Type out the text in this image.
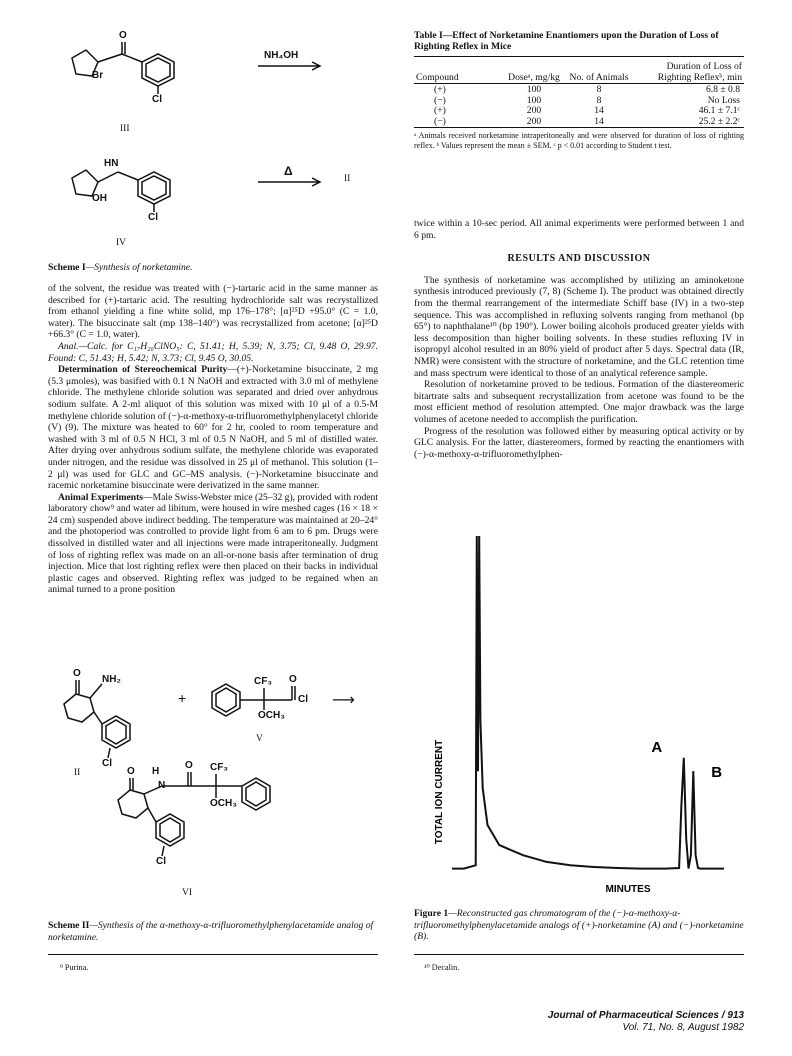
O
Br
Cl
NH₄OH
III
HN
OH
Cl
Δ
II
IV
Scheme I—Synthesis of norketamine.

of the solvent, the residue was treated with (−)-tartaric acid in the same manner as described for (+)-tartaric acid. The resulting hydrochloride salt was recrystallized from ethanol yielding a fine white solid, mp 176–178°; [α]²⁵D +95.0° (C = 1.0, water). The bisuccinate salt (mp 138–140°) was recrystallized from acetone; [α]²⁵D +66.3° (C = 1.0, water).

Anal.—Calc. for C₁₇H₂₀ClNO₅: C, 51.41; H, 5.39; N, 3.75; Cl, 9.48 O, 29.97. Found: C, 51.43; H, 5.42; N, 3.73; Cl, 9.45 O, 30.05.

Determination of Stereochemical Purity—(+)-Norketamine bisuccinate, 2 mg (5.3 μmoles), was basified with 0.1 N NaOH and extracted with 3.0 ml of methylene chloride. The methylene chloride solution was separated and dried over anhydrous sodium sulfate. A 2-ml aliquot of this solution was mixed with 10 μl of a 0.5-M methylene chloride solution of (−)-α-methoxy-α-trifluoromethylphenylacetyl chloride (V) (9). The mixture was heated to 60° for 2 hr, cooled to room temperature and washed with 3 ml of 0.5 N HCl, 3 ml of 0.5 N NaOH, and 5 ml of distilled water. After drying over anhydrous sodium sulfate, the methylene chloride was evaporated under nitrogen, and the residue was dissolved in 25 μl of methanol. This solution (1–2 μl) was used for GLC and GC–MS analysis. (−)-Norketamine bisuccinate and racemic norketamine bisuccinate were derivatized in the same manner.

Animal Experiments—Male Swiss-Webster mice (25–32 g), provided with rodent laboratory chow⁹ and water ad libitum, were housed in wire meshed cages (16 × 18 × 24 cm) suspended above indirect bedding. The temperature was maintained at 20–24° and the photoperiod was controlled to provide light from 6 am to 6 pm. Drugs were dissolved in distilled water and all injections were made intraperitoneally. Judgment of loss of righting reflex was made on an all-or-none basis after termination of drug injection. Mice that lost righting reflex were then placed on their backs in individual plastic cages and observed. Righting reflex was judged to be regained when an animal turned to a prone position

O
NH₂
Cl
II
+
CF₃ O
Cl
OCH₃
⟶
V
H
N
O
O CF₃
OCH₃
Cl
VI
Scheme II—Synthesis of the α-methoxy-α-trifluoromethylphenylacetamide analog of norketamine.
⁹ Purina.
Table I—Effect of Norketamine Enantiomers upon the Duration of Loss of Righting Reflex in Mice
Compound	Doseᵃ, mg/kg	No. of Animals	Duration of Loss of Righting Reflexᵇ, min
(+)	100	8	6.8 ± 0.8
(−)	100	8	No Loss
(+)	200	14	46.1 ± 7.1ᶜ
(−)	200	14	25.2 ± 2.2ᶜ
ᵃ Animals received norketamine intraperitoneally and were observed for duration of loss of righting reflex. ᵇ Values represent the mean ± SEM. ᶜ p < 0.01 according to Student t test.

twice within a 10-sec period. All animal experiments were performed between 1 and 6 pm.

RESULTS AND DISCUSSION

The synthesis of norketamine was accomplished by utilizing an aminoketone synthesis introduced previously (7, 8) (Scheme I). The product was obtained directly from the thermal rearrangement of the intermediate Schiff base (IV) in a two-step sequence. This was accomplished in refluxing solvents ranging from methanol (bp 65°) to naphthalane¹⁰ (bp 190°). Lower boiling alcohols produced greater yields with less decomposition than higher boiling solvents. In these studies refluxing IV in isopropyl alcohol resulted in an 80% yield of product after 5 days. Spectral data (IR, NMR) were consistent with the structure of norketamine, and the GLC retention time and mass spectrum were identical to those of an analytical reference sample.

Resolution of norketamine proved to be tedious. Formation of the diastereomeric bitartrate salts and subsequent recrystallization from acetone was found to be the most efficient method of resolution attempted. One major drawback was the large volumes of acetone needed to accomplish the purification.

Progress of the resolution was followed either by measuring optical activity or by GLC analysis. For the latter, diastereomers, formed by reacting the enantiomers with (−)-α-methoxy-α-trifluoromethylphen-

MINUTES
TOTAL ION CURRENT	A
B
Figure 1—Reconstructed gas chromatogram of the (−)-α-methoxy-α-trifluoromethylphenylacetamide analogs of (+)-norketamine (A) and (−)-norketamine (B).
¹⁰ Decalin.
Journal of Pharmaceutical Sciences / 913
Vol. 71, No. 8, August 1982
